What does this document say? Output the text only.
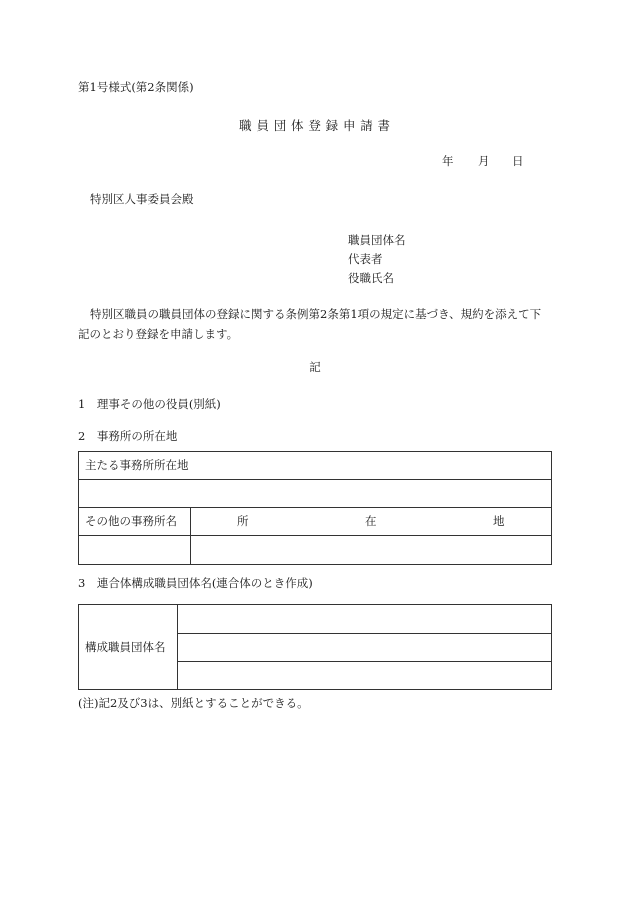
第1号様式(第2条関係)
職員団体登録申請書
年 月 日
特別区人事委員会殿
職員団体名
代表者
役職氏名
特別区職員の職員団体の登録に関する条例第2条第1項の規定に基づき、規約を添えて下記のとおり登録を申請します。
記
1　理事その他の役員(別紙)
2　事務所の所在地
主たる事務所所在地
その他の事務所名	所	在	地
3　連合体構成職員団体名(連合体のとき作成)
構成職員団体名
(注)記2及び3は、別紙とすることができる。
